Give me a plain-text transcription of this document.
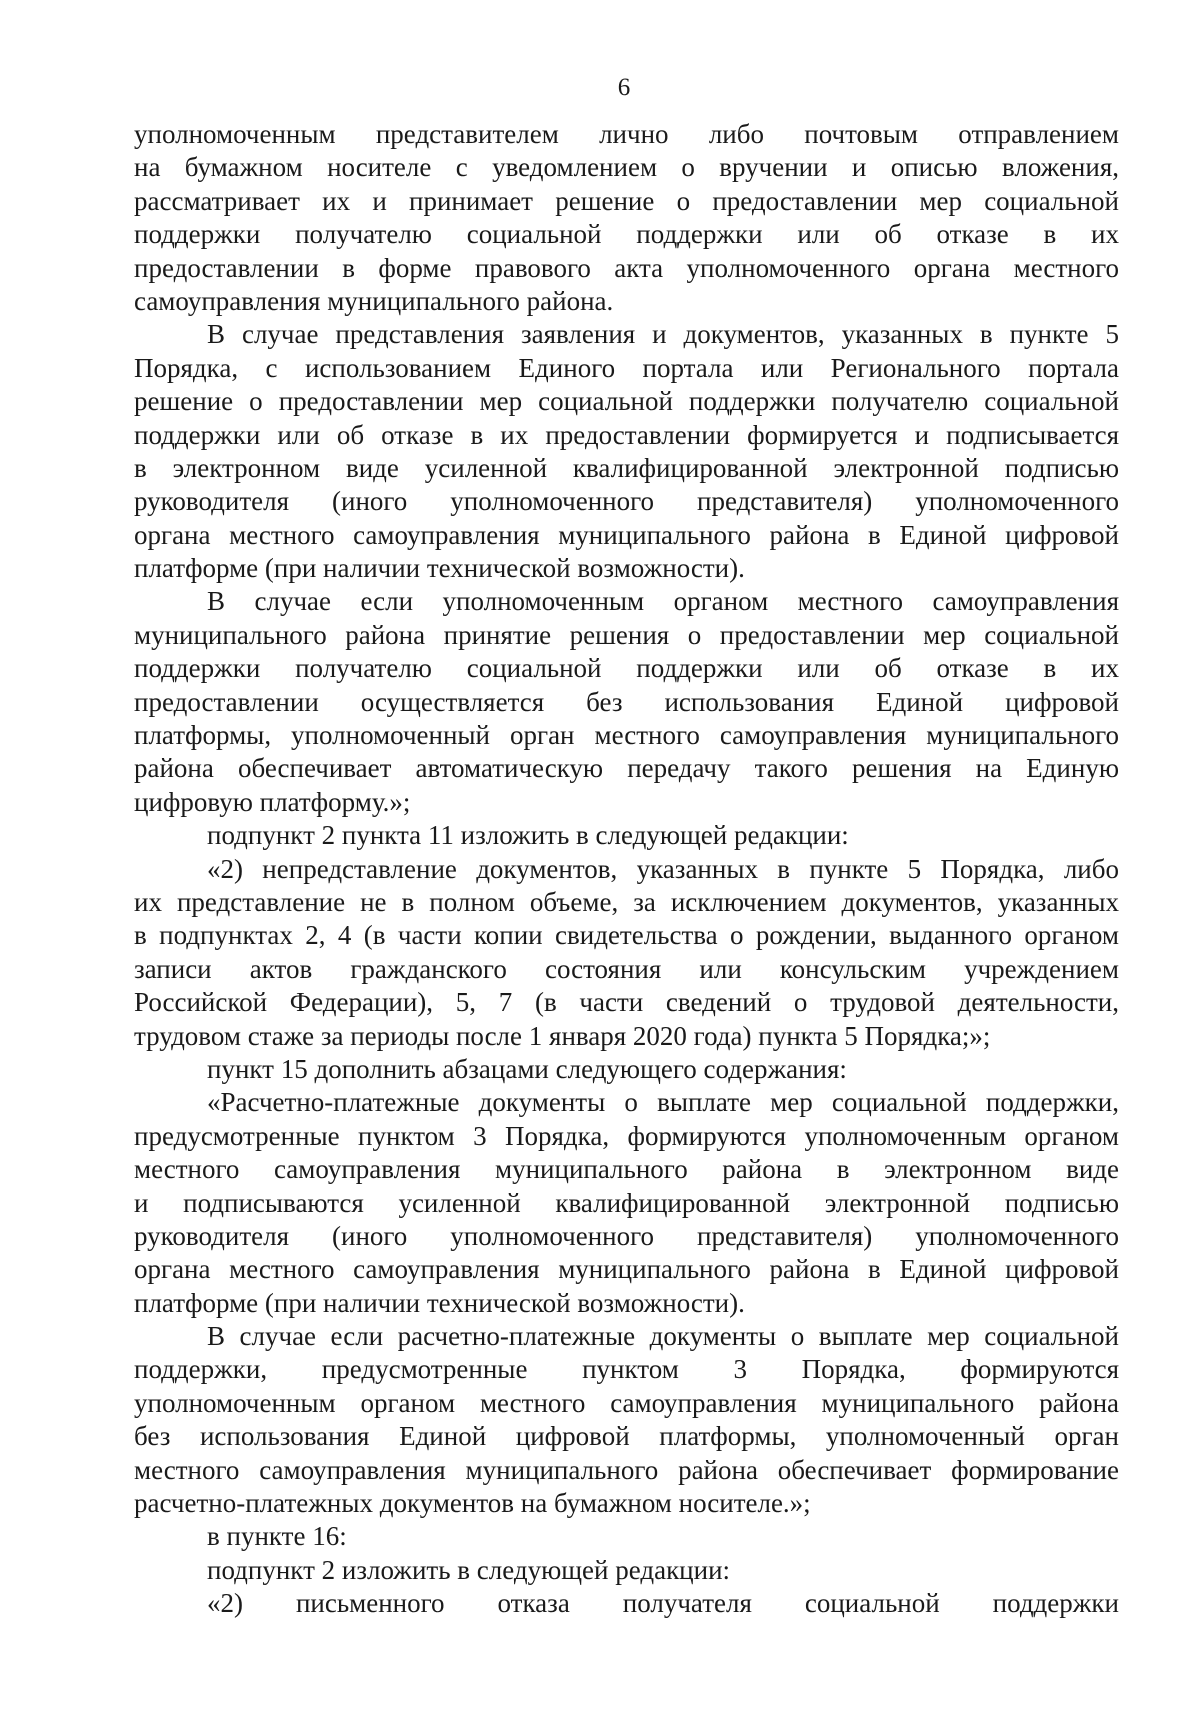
6
уполномоченным представителем лично либо почтовым отправлением
на бумажном носителе с уведомлением о вручении и описью вложения,
рассматривает их и принимает решение о предоставлении мер социальной
поддержки получателю социальной поддержки или об отказе в их
предоставлении в форме правового акта уполномоченного органа местного
самоуправления муниципального района.
В случае представления заявления и документов, указанных в пункте 5
Порядка, с использованием Единого портала или Регионального портала
решение о предоставлении мер социальной поддержки получателю социальной
поддержки или об отказе в их предоставлении формируется и подписывается
в электронном виде усиленной квалифицированной электронной подписью
руководителя (иного уполномоченного представителя) уполномоченного
органа местного самоуправления муниципального района в Единой цифровой
платформе (при наличии технической возможности).
В случае если уполномоченным органом местного самоуправления
муниципального района принятие решения о предоставлении мер социальной
поддержки получателю социальной поддержки или об отказе в их
предоставлении осуществляется без использования Единой цифровой
платформы, уполномоченный орган местного самоуправления муниципального
района обеспечивает автоматическую передачу такого решения на Единую
цифровую платформу.»;
подпункт 2 пункта 11 изложить в следующей редакции:
«2) непредставление документов, указанных в пункте 5 Порядка, либо
их представление не в полном объеме, за исключением документов, указанных
в подпунктах 2, 4 (в части копии свидетельства о рождении, выданного органом
записи актов гражданского состояния или консульским учреждением
Российской Федерации), 5, 7 (в части сведений о трудовой деятельности,
трудовом стаже за периоды после 1 января 2020 года) пункта 5 Порядка;»;
пункт 15 дополнить абзацами следующего содержания:
«Расчетно-платежные документы о выплате мер социальной поддержки,
предусмотренные пунктом 3 Порядка, формируются уполномоченным органом
местного самоуправления муниципального района в электронном виде
и подписываются усиленной квалифицированной электронной подписью
руководителя (иного уполномоченного представителя) уполномоченного
органа местного самоуправления муниципального района в Единой цифровой
платформе (при наличии технической возможности).
В случае если расчетно-платежные документы о выплате мер социальной
поддержки, предусмотренные пунктом 3 Порядка, формируются
уполномоченным органом местного самоуправления муниципального района
без использования Единой цифровой платформы, уполномоченный орган
местного самоуправления муниципального района обеспечивает формирование
расчетно-платежных документов на бумажном носителе.»;
в пункте 16:
подпункт 2 изложить в следующей редакции:
«2) письменного отказа получателя социальной поддержки
